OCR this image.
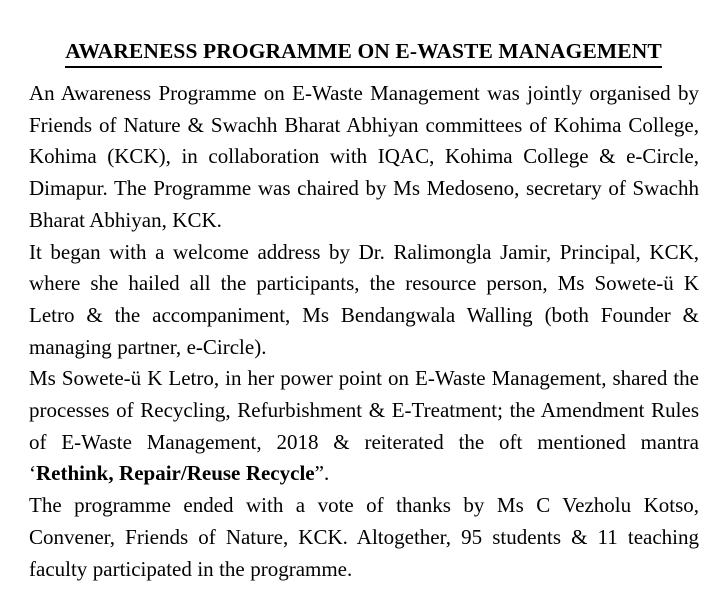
AWARENESS PROGRAMME ON E-WASTE MANAGEMENT

An Awareness Programme on E-Waste Management was jointly organised by Friends of Nature & Swachh Bharat Abhiyan committees of Kohima College, Kohima (KCK), in collaboration with IQAC, Kohima College & e-Circle, Dimapur. The Programme was chaired by Ms Medoseno, secretary of Swachh Bharat Abhiyan, KCK.

It began with a welcome address by Dr. Ralimongla Jamir, Principal, KCK, where she hailed all the participants, the resource person, Ms Sowete-ü K Letro & the accompaniment, Ms Bendangwala Walling (both Founder & managing partner, e-Circle).

Ms Sowete-ü K Letro, in her power point on E-Waste Management, shared the processes of Recycling, Refurbishment & E-Treatment; the Amendment Rules of E-Waste Management, 2018 & reiterated the oft mentioned mantra ‘Rethink, Repair/Reuse Recycle”.

The programme ended with a vote of thanks by Ms C Vezholu Kotso, Convener, Friends of Nature, KCK. Altogether, 95 students & 11 teaching faculty participated in the programme.
